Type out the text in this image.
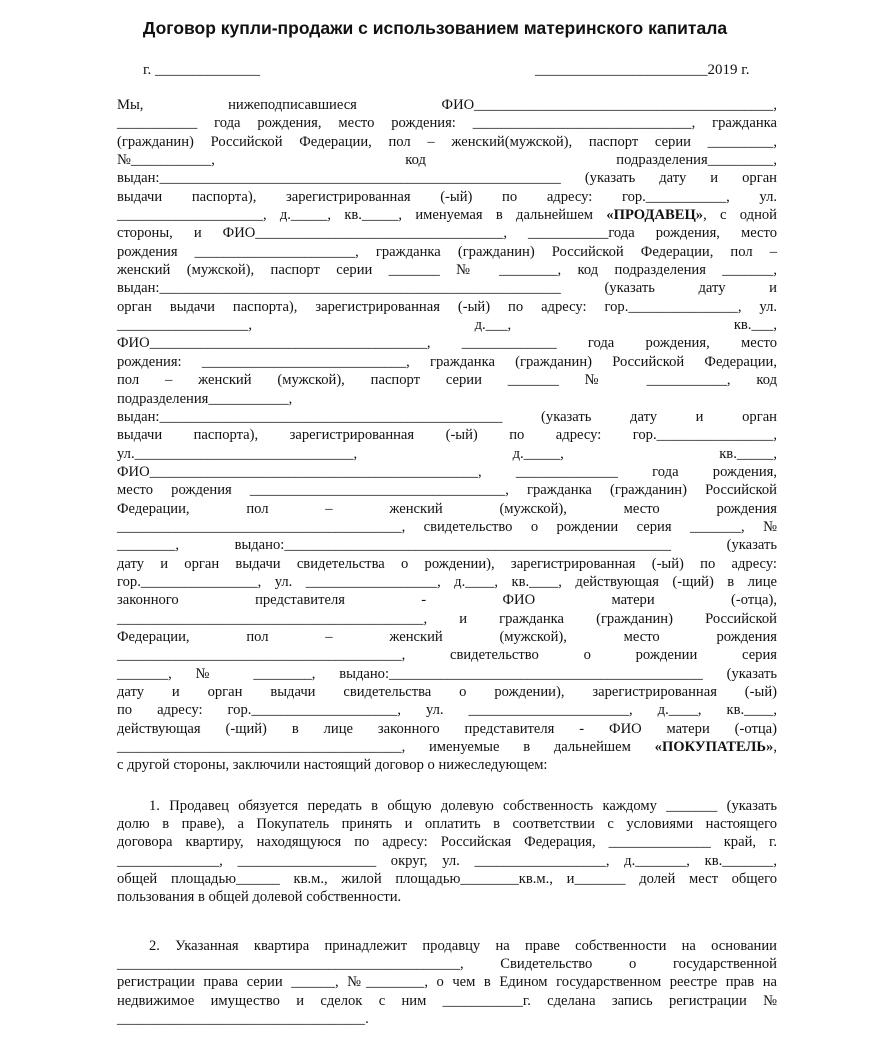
Договор купли-продажи с использованием материнского капитала
г. ______________	_______________________2019 г.
Мы,	нижеподписавшиеся	ФИО_________________________________________,
___________ года рождения, место рождения: ______________________________, гражданка
(гражданин) Российской Федерации, пол – женский(мужской), паспорт серии _________,
№___________,	код	подразделения_________,
выдан:_______________________________________________________ (указать дату и орган
выдачи паспорта), зарегистрированная (-ый) по адресу: гор.___________, ул.
____________________, д._____, кв._____, именуемая в дальнейшем «ПРОДАВЕЦ», с одной
стороны, и ФИО__________________________________, ___________года рождения, место
рождения ______________________, гражданка (гражданин) Российской Федерации, пол –
женский (мужской), паспорт серии _______ № ________, код подразделения _______,
выдан:_______________________________________________________ (указать дату и
орган выдачи паспорта), зарегистрированная (-ый) по адресу: гор._______________, ул.
__________________,	д.___,	кв.___,
ФИО______________________________________, _____________ года рождения, место
рождения: ____________________________, гражданка (гражданин) Российской Федерации,
пол – женский (мужской), паспорт серии _______ № ___________, код
подразделения___________,
выдан:_______________________________________________ (указать дату и орган
выдачи паспорта), зарегистрированная (-ый) по адресу: гор.________________,
ул.______________________________,	д._____,	кв._____,
ФИО_____________________________________________, ______________ года рождения,
место рождения ___________________________________, гражданка (гражданин) Российской
Федерации, пол – женский (мужской), место рождения
_______________________________________, свидетельство о рождении серия _______, №
________, выдано:_____________________________________________________ (указать
дату и орган выдачи свидетельства о рождении), зарегистрированная (-ый) по адресу:
гор.________________, ул. __________________, д.____, кв.____, действующая (-щий) в лице
законного представителя - ФИО матери (-отца),
__________________________________________, и гражданка (гражданин) Российской
Федерации, пол – женский (мужской), место рождения
_______________________________________, свидетельство о рождении серия
_______, № ________, выдано:___________________________________________ (указать
дату и орган выдачи свидетельства о рождении), зарегистрированная (-ый)
по адресу: гор.____________________, ул. ______________________, д.____, кв.____,
действующая (-щий) в лице законного представителя - ФИО матери (-отца)
_______________________________________, именуемые в дальнейшем «ПОКУПАТЕЛЬ»,
с другой стороны, заключили настоящий договор о нижеследующем:
1. Продавец обязуется передать в общую долевую собственность каждому _______ (указать
долю в праве), а Покупатель принять и оплатить в соответствии с условиями настоящего
договора квартиру, находящуюся по адресу: Российская Федерация, ______________ край, г.
______________, ___________________ округ, ул. __________________, д._______, кв._______,
общей площадью______ кв.м., жилой площадью________кв.м., и_______ долей мест общего
пользования в общей долевой собственности.
2. Указанная квартира принадлежит продавцу на праве собственности на основании
_______________________________________________, Свидетельство о государственной
регистрации права серии ______, №________, о чем в Едином государственном реестре прав на
недвижимое имущество и сделок с ним ___________г. сделана запись регистрации №
__________________________________.
